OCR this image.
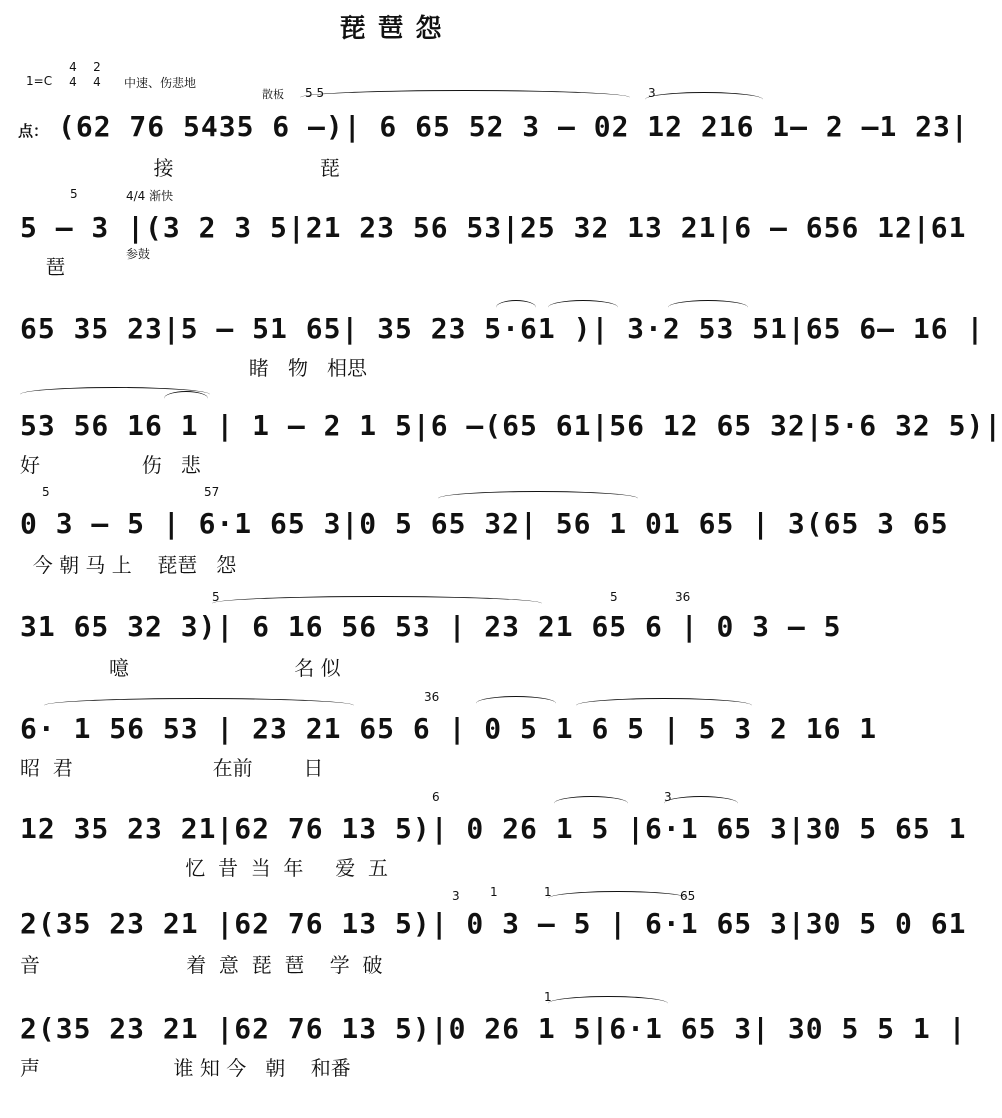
琵琶怨
1=C
4
4
2
4 中速、伤悲地
散板
点：
5 5	3
(62 76 5435 6 –)| 6 65 52 3 – 02 12 216 1– 2 –1 23|
接                       琵
5	4/4 渐快
参鼓
5 – 3 |(3 2 3 5|21 23 56 53|25 32 13 21|6 – 656 12|61
琶
65 35 23|5 – 51 65| 35 23 5·61 )| 3·2 53 51|65 6– 16 |
睹   物   相思
53 56 16 1 | 1 – 2 1 5|6 –(65 61|56 12 65 32|5·6 32 5)|
好                伤   悲
5	57
0 3 – 5 | 6·1 65 3|0 5 65 32| 56 1 01 65 | 3(65 3 65
今 朝 马 上    琵琶   怨
5	5	36
31 65 32 3)| 6 16 56 53 | 23 21 65 6 | 0 3 – 5
噫                          名 似
36
6· 1 56 53 | 23 21 65 6 | 0 5 1 6 5 | 5 3 2 16 1
昭  君                      在前        日
6	3
12 35 23 21|62 76 13 5)| 0 26 1 5 |6·1 65 3|30 5 65 1
忆  昔  当  年     爱  五
3	1	1	65
2(35 23 21 |62 76 13 5)| 0 3 – 5 | 6·1 65 3|30 5 0 61
音                       着  意  琵  琶    学  破
1
2(35 23 21 |62 76 13 5)|0 26 1 5|6·1 65 3| 30 5 5 1 |
声                     谁 知 今   朝    和番
